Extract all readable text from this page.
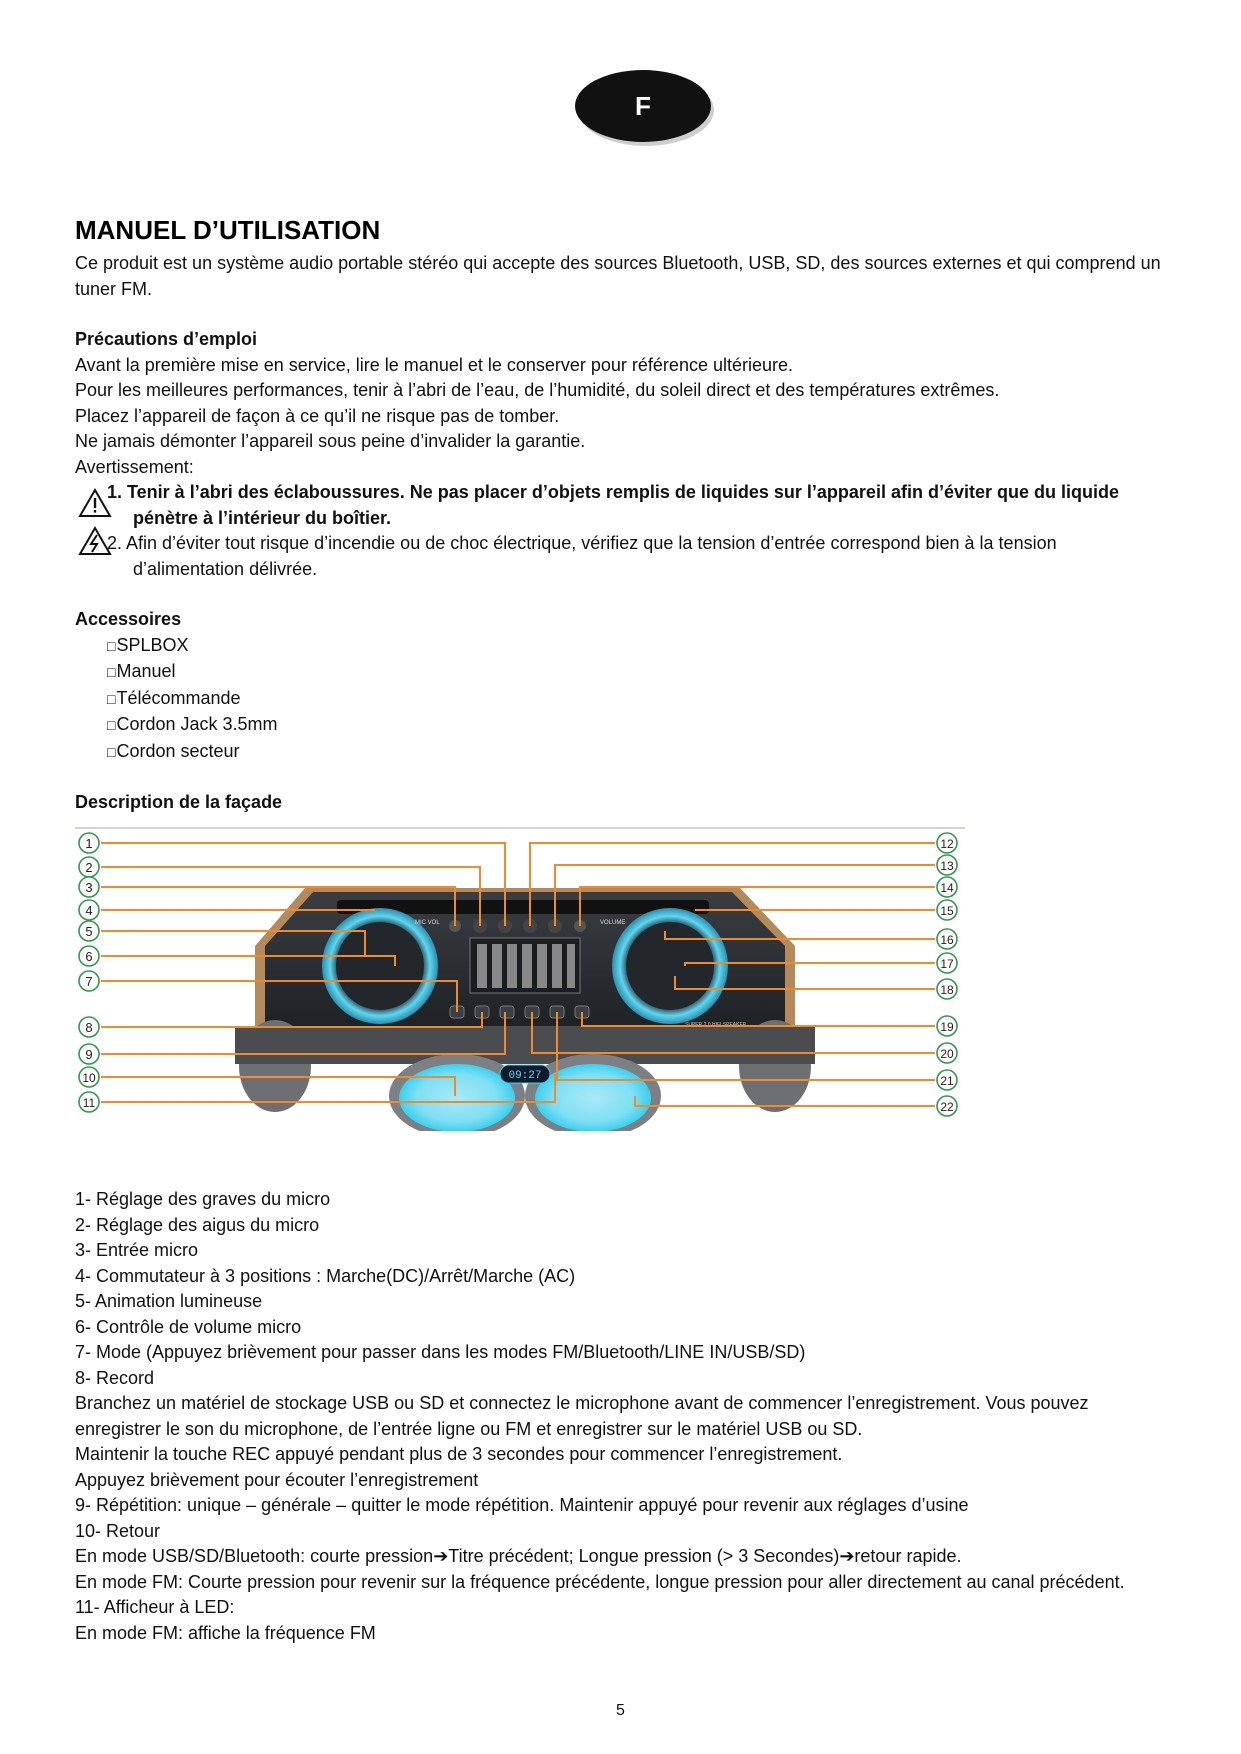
F
MANUEL D’UTILISATION

Ce produit est un système audio portable stéréo qui accepte des sources Bluetooth, USB, SD, des sources externes et qui comprend un tuner FM.

Précautions d’emploi

Avant la première mise en service, lire le manuel et le conserver pour référence ultérieure.

Pour les meilleures performances, tenir à l’abri de l’eau, de l’humidité, du soleil direct et des températures extrêmes.

Placez l’appareil de façon à ce qu’il ne risque pas de tomber.

Ne jamais démonter l’appareil sous peine d’invalider la garantie.

Avertissement:

1. Tenir à l’abri des éclaboussures. Ne pas placer d’objets remplis de liquides sur l’appareil afin d’éviter que du liquide pénètre à l’intérieur du boîtier.
2. Afin d’éviter tout risque d’incendie ou de choc électrique, vérifiez que la tension d’entrée correspond bien à la tension d’alimentation délivrée.

Accessoires

□ SPLBOX
□ Manuel
□ Télécommande
□ Cordon Jack 3.5mm
□ Cordon secteur

Description de la façade

MIC VOL	VOLUME
SUPER 2.0 HIFI SPEAKER
09:27
1
2
3
4
5
6
7
8
9
10
11
12
13
14
15
16
17
18
19
20
21
22

1- Réglage des graves du micro

2- Réglage des aigus du micro

3- Entrée micro

4- Commutateur à 3 positions : Marche(DC)/Arrêt/Marche (AC)

5- Animation lumineuse

6- Contrôle de volume micro

7- Mode (Appuyez brièvement pour passer dans les modes FM/Bluetooth/LINE IN/USB/SD)

8- Record

Branchez un matériel de stockage USB ou SD et connectez le microphone avant de commencer l’enregistrement. Vous pouvez enregistrer le son du microphone, de l’entrée ligne ou FM et enregistrer sur le matériel USB ou SD.

Maintenir la touche REC appuyé pendant plus de 3 secondes pour commencer l’enregistrement.

Appuyez brièvement pour écouter l’enregistrement

9- Répétition: unique – générale – quitter le mode répétition. Maintenir appuyé pour revenir aux réglages d’usine

10- Retour

En mode USB/SD/Bluetooth: courte pression➔Titre précédent; Longue pression (> 3 Secondes)➔retour rapide.

En mode FM: Courte pression pour revenir sur la fréquence précédente, longue pression pour aller directement au canal précédent.

11- Afficheur à LED:

En mode FM: affiche la fréquence FM

5
